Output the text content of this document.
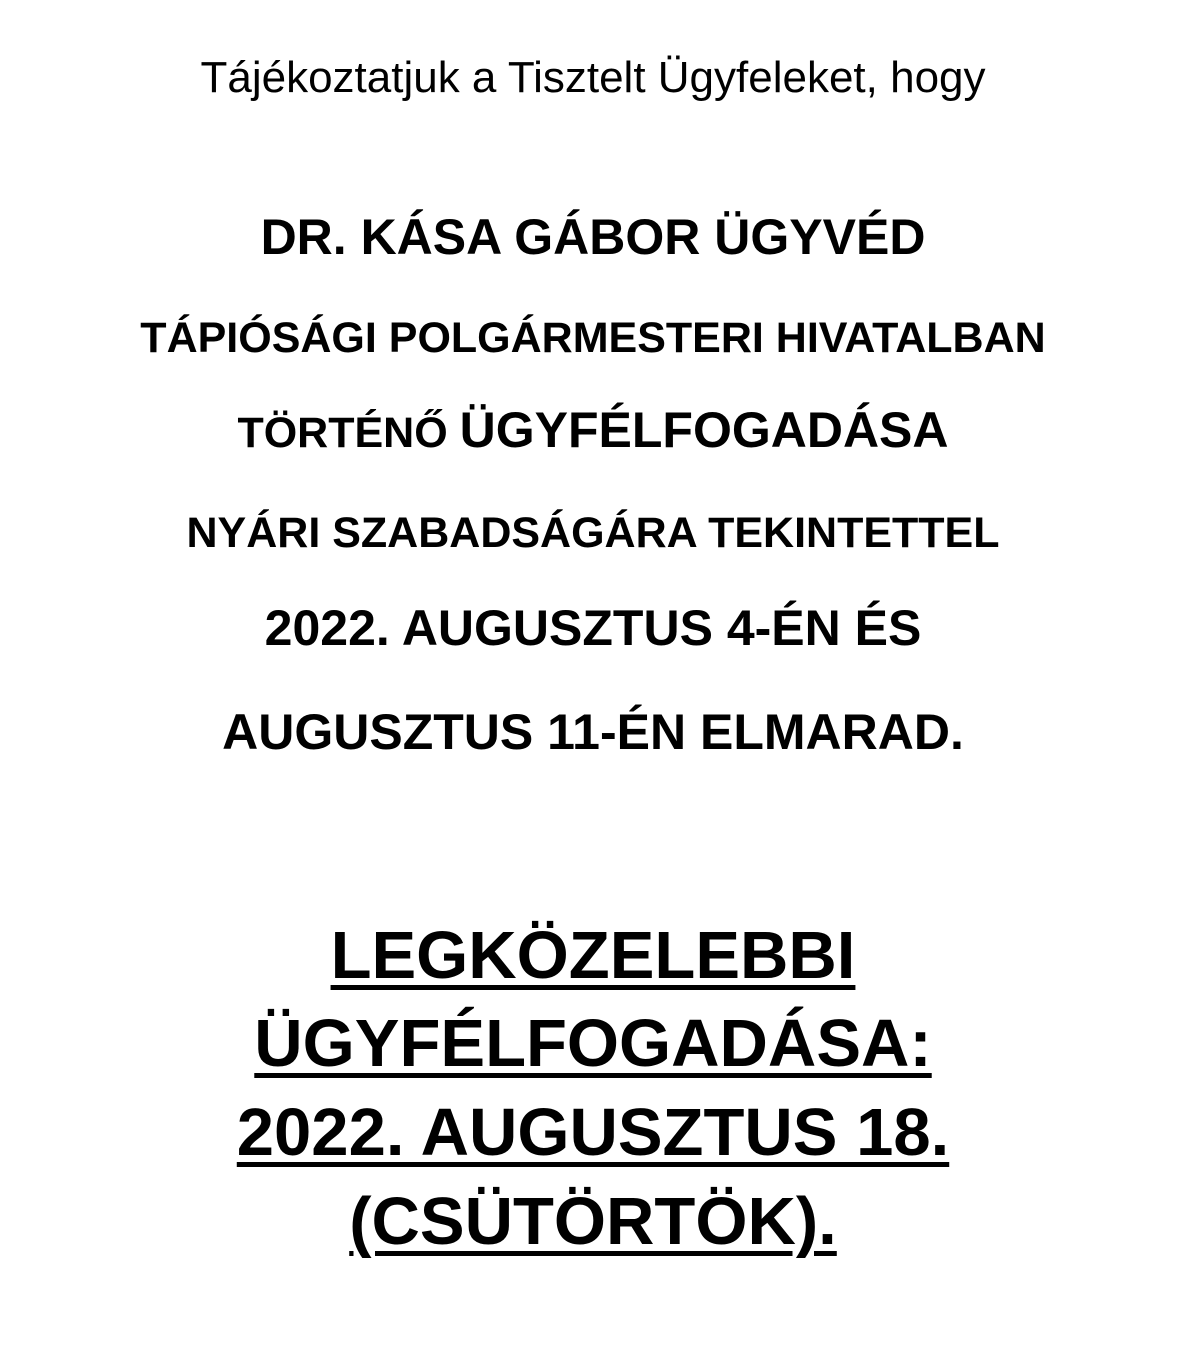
Tájékoztatjuk a Tisztelt Ügyfeleket, hogy
DR. KÁSA GÁBOR ÜGYVÉD
TÁPIÓSÁGI POLGÁRMESTERI HIVATALBAN
TÖRTÉNŐ ÜGYFÉLFOGADÁSA
NYÁRI SZABADSÁGÁRA TEKINTETTEL
2022. AUGUSZTUS 4-ÉN ÉS
AUGUSZTUS 11-ÉN ELMARAD.
LEGKÖZELEBBI
ÜGYFÉLFOGADÁSA:
2022. AUGUSZTUS 18.
(CSÜTÖRTÖK).
